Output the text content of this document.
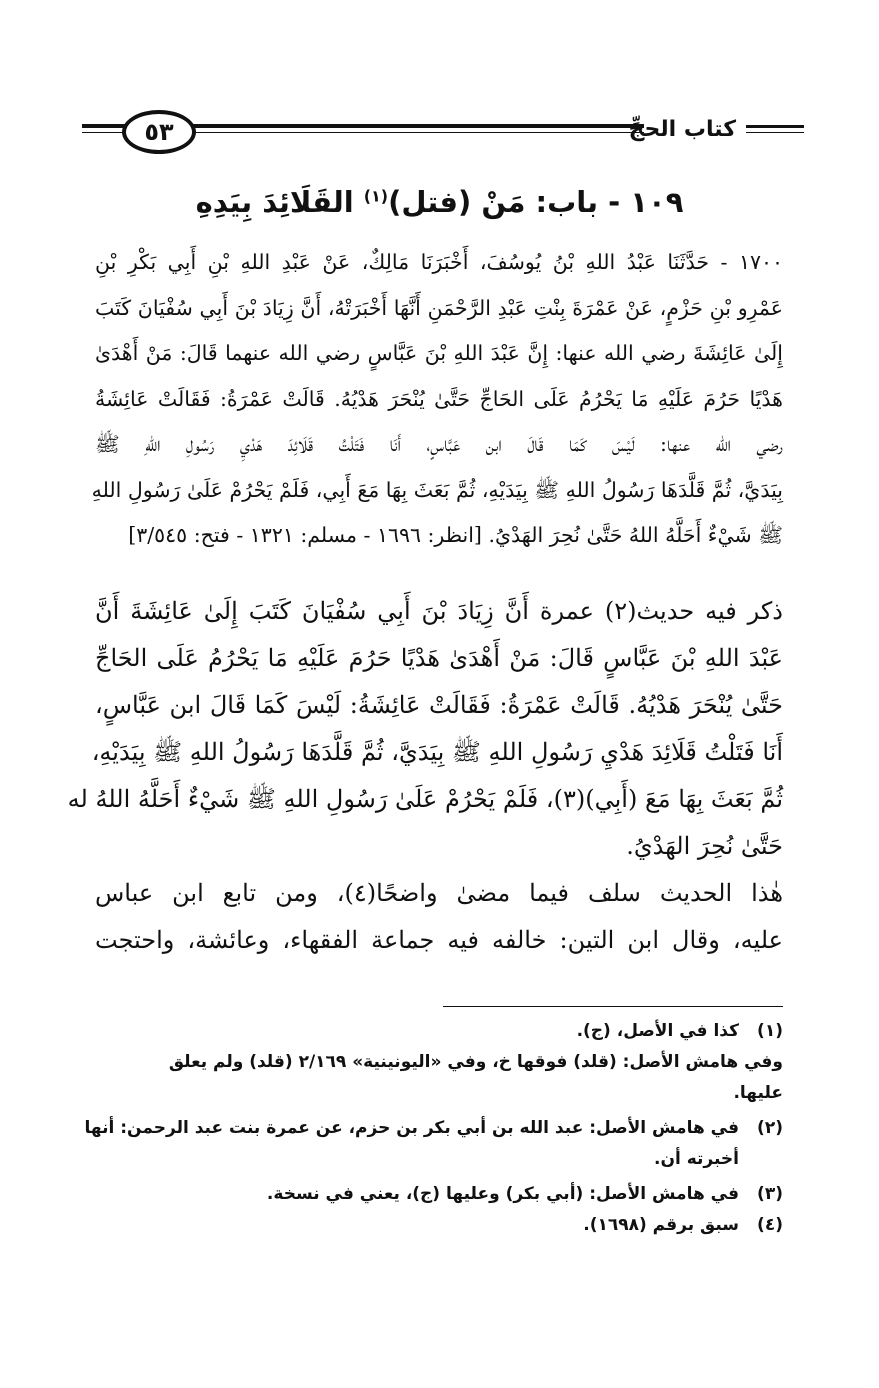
كتاب الحجِّ
٥٣
١٠٩ - باب: مَنْ (فتل)$^{(١)}$ القَلَائِدَ بِيَدِهِ
١٧٠٠ - حَدَّثَنَا عَبْدُ اللهِ بْنُ يُوسُفَ، أَخْبَرَنَا مَالِكٌ، عَنْ عَبْدِ اللهِ بْنِ أَبِي بَكْرِ بْنِ
عَمْرِو بْنِ حَزْمٍ، عَنْ عَمْرَةَ بِنْتِ عَبْدِ الرَّحْمَنِ أَنَّهَا أَخْبَرَتْهُ، أَنَّ زِيَادَ بْنَ أَبِي سُفْيَانَ كَتَبَ
إِلَىٰ عَائِشَةَ رضي الله عنها: إِنَّ عَبْدَ اللهِ بْنَ عَبَّاسٍ رضي الله عنهما قَالَ: مَنْ أَهْدَىٰ
هَدْيًا حَرُمَ عَلَيْهِ مَا يَحْرُمُ عَلَى الحَاجِّ حَتَّىٰ يُنْحَرَ هَدْيُهُ. قَالَتْ عَمْرَةُ: فَقَالَتْ عَائِشَةُ
رضي الله عنها: لَيْسَ كَمَا قَالَ ابن عَبَّاسٍ، أَنَا فَتَلْتُ قَلَائِدَ هَدْيِ رَسُولِ اللهِ ﷺ
بِيَدَيَّ، ثُمَّ قَلَّدَهَا رَسُولُ اللهِ ﷺ بِيَدَيْهِ، ثُمَّ بَعَثَ بِهَا مَعَ أَبِي، فَلَمْ يَحْرُمْ عَلَىٰ رَسُولِ اللهِ
ﷺ شَيْءٌ أَحَلَّهُ اللهُ حَتَّىٰ نُحِرَ الهَدْيُ. [انظر: ١٦٩٦ - مسلم: ١٣٢١ - فتح: ٣/٥٤٥]
ذكر فيه حديث(٢) عمرة أَنَّ زِيَادَ بْنَ أَبِي سُفْيَانَ كَتَبَ إِلَىٰ عَائِشَةَ أَنَّ
عَبْدَ اللهِ بْنَ عَبَّاسٍ قَالَ: مَنْ أَهْدَىٰ هَدْيًا حَرُمَ عَلَيْهِ مَا يَحْرُمُ عَلَى الحَاجِّ
حَتَّىٰ يُنْحَرَ هَدْيُهُ. قَالَتْ عَمْرَةُ: فَقَالَتْ عَائِشَةُ: لَيْسَ كَمَا قَالَ ابن عَبَّاسٍ،
أَنَا فَتَلْتُ قَلَائِدَ هَدْيِ رَسُولِ اللهِ ﷺ بِيَدَيَّ، ثُمَّ قَلَّدَهَا رَسُولُ اللهِ ﷺ بِيَدَيْهِ،
ثُمَّ بَعَثَ بِهَا مَعَ (أَبِي)(٣)، فَلَمْ يَحْرُمْ عَلَىٰ رَسُولِ اللهِ ﷺ شَيْءٌ أَحَلَّهُ اللهُ له
حَتَّىٰ نُحِرَ الهَدْيُ.
هٰذا الحديث سلف فيما مضىٰ واضحًا(٤)، ومن تابع ابن عباس
عليه، وقال ابن التين: خالفه فيه جماعة الفقهاء، وعائشة، واحتجت
(١)
كذا في الأصل، (ج).
وفي هامش الأصل: (قلد) فوقها خ، وفي «اليونينية» ٢/١٦٩ (قلد) ولم يعلق
عليها.
(٢)
في هامش الأصل: عبد الله بن أبي بكر بن حزم، عن عمرة بنت عبد الرحمن: أنها
أخبرته أن.
(٣)
في هامش الأصل: (أبي بكر) وعليها (ج)، يعني في نسخة.
(٤)
سبق برقم (١٦٩٨).
